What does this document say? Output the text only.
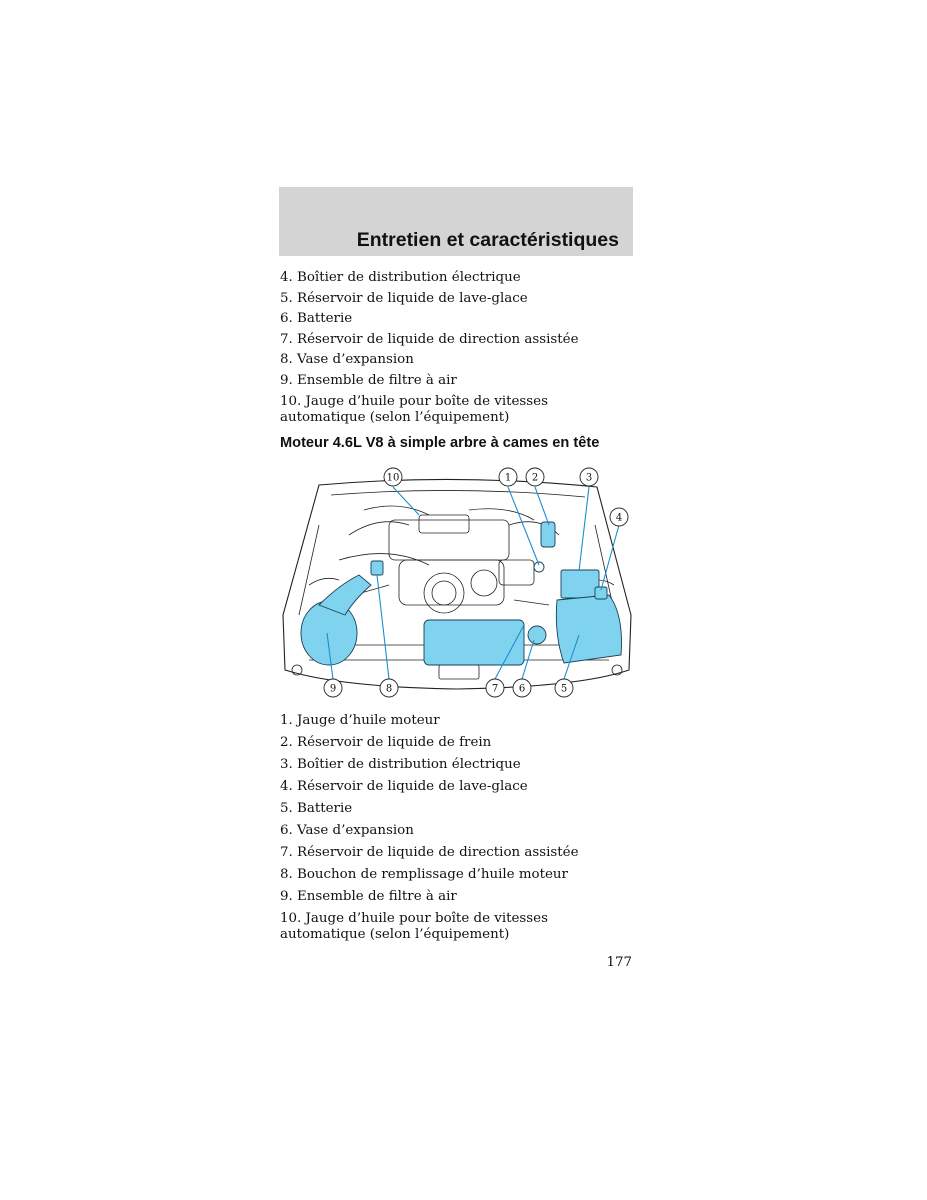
Entretien et caractéristiques
4. Boîtier de distribution électrique
5. Réservoir de liquide de lave-glace
6. Batterie
7. Réservoir de liquide de direction assistée
8. Vase d’expansion
9. Ensemble de filtre à air
10. Jauge d’huile pour boîte de vitesses automatique (selon l’équipement)
Moteur 4.6L V8 à simple arbre à cames en tête
10	1 2	3
4
9	8	7 6	5
1. Jauge d’huile moteur
2. Réservoir de liquide de frein
3. Boîtier de distribution électrique
4. Réservoir de liquide de lave-glace
5. Batterie
6. Vase d’expansion
7. Réservoir de liquide de direction assistée
8. Bouchon de remplissage d’huile moteur
9. Ensemble de filtre à air
10. Jauge d’huile pour boîte de vitesses automatique (selon l’équipement)
177
